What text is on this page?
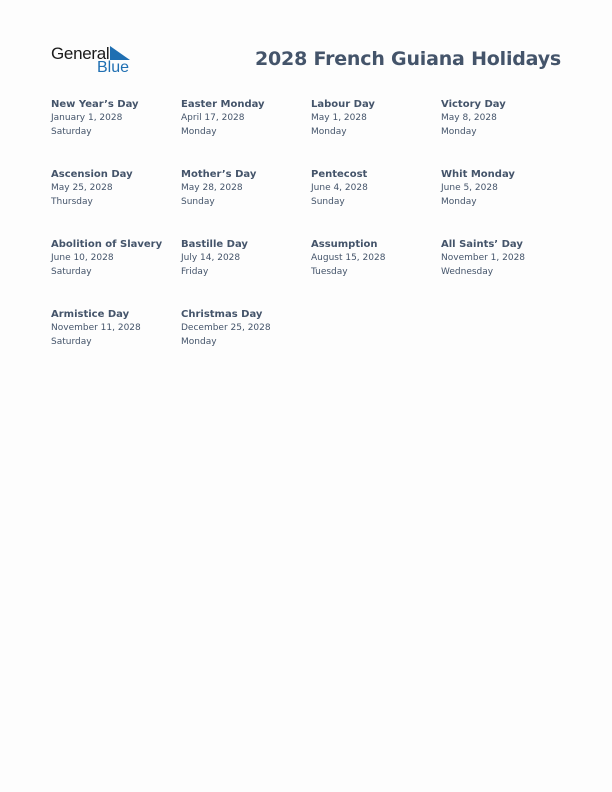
General
Blue	2028 French Guiana Holidays
New Year’s Day
January 1, 2028
Saturday
Easter Monday
April 17, 2028
Monday
Labour Day
May 1, 2028
Monday
Victory Day
May 8, 2028
Monday
Ascension Day
May 25, 2028
Thursday
Mother’s Day
May 28, 2028
Sunday
Pentecost
June 4, 2028
Sunday
Whit Monday
June 5, 2028
Monday
Abolition of Slavery
June 10, 2028
Saturday
Bastille Day
July 14, 2028
Friday
Assumption
August 15, 2028
Tuesday
All Saints’ Day
November 1, 2028
Wednesday
Armistice Day
November 11, 2028
Saturday
Christmas Day
December 25, 2028
Monday
